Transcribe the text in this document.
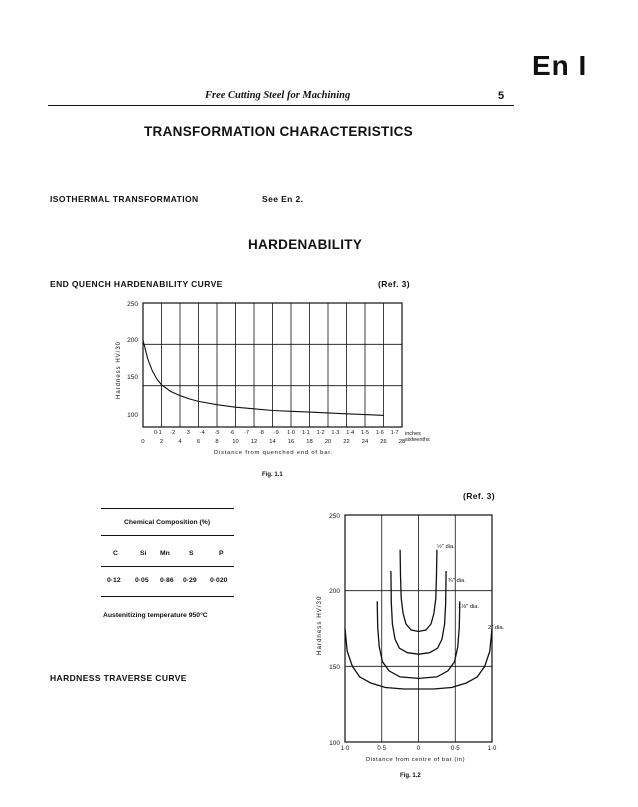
En I
Free Cutting Steel for Machining	5
TRANSFORMATION CHARACTERISTICS
ISOTHERMAL TRANSFORMATION	See En 2.
HARDENABILITY
END QUENCH HARDENABILITY CURVE	(Ref. 3)
(Ref. 3)
HARDNESS TRAVERSE CURVE
Chemical Composition (%)
C	Si Mn	S	P
0·12 0·05 0·86 0·29 0·020
Austenitizing temperature 950°C
100
150
200
250
Hardness HV/30
0	2	4	6	8 10 12 14 16 18 20 22 24 26 28
0·1 ·2 ·3 ·4 ·5 ·6 ·7 ·8 ·9 1·0 1·1 1·2 1·3 1·4 1·5 1·6 1·7 inches
sixteenths
Distance from quenched end of bar.
Fig. 1.1
100
150
200
250
Hardness HV/30
1·0	0·5	0	0·5	1·0
Distance from centre of bar (in)
Fig. 1.2
½" dia.
¾" dia.
1⅛" dia.
2" dia.
